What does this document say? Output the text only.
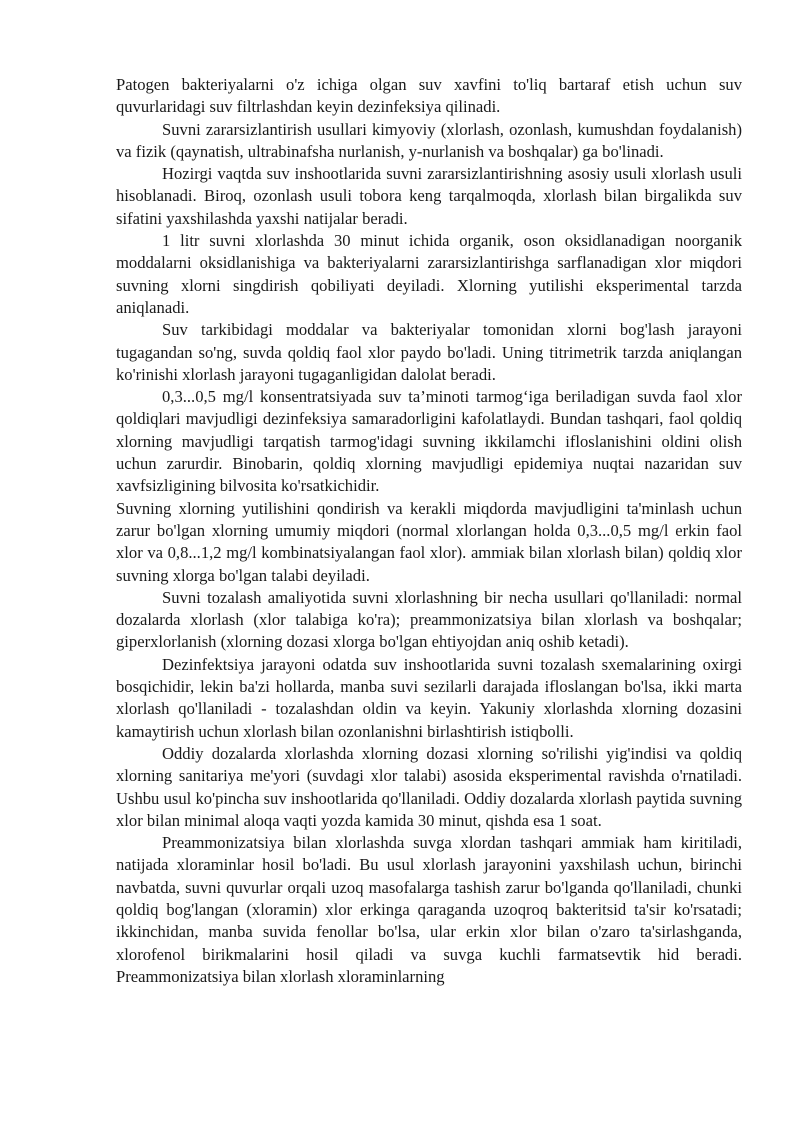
Patogen bakteriyalarni o'z ichiga olgan suv xavfini to'liq bartaraf etish uchun suv quvurlaridagi suv filtrlashdan keyin dezinfeksiya qilinadi.

Suvni zararsizlantirish usullari kimyoviy (xlorlash, ozonlash, kumushdan foydalanish) va fizik (qaynatish, ultrabinafsha nurlanish, y-nurlanish va boshqalar) ga bo'linadi.

Hozirgi vaqtda suv inshootlarida suvni zararsizlantirishning asosiy usuli xlorlash usuli hisoblanadi. Biroq, ozonlash usuli tobora keng tarqalmoqda, xlorlash bilan birgalikda suv sifatini yaxshilashda yaxshi natijalar beradi.

1 litr suvni xlorlashda 30 minut ichida organik, oson oksidlanadigan noorganik moddalarni oksidlanishiga va bakteriyalarni zararsizlantirishga sarflanadigan xlor miqdori suvning xlorni singdirish qobiliyati deyiladi. Xlorning yutilishi eksperimental tarzda aniqlanadi.

Suv tarkibidagi moddalar va bakteriyalar tomonidan xlorni bog'lash jarayoni tugagandan so'ng, suvda qoldiq faol xlor paydo bo'ladi. Uning titrimetrik tarzda aniqlangan ko'rinishi xlorlash jarayoni tugaganligidan dalolat beradi.

0,3...0,5 mg/l konsentratsiyada suv ta’minoti tarmog‘iga beriladigan suvda faol xlor qoldiqlari mavjudligi dezinfeksiya samaradorligini kafolatlaydi. Bundan tashqari, faol qoldiq xlorning mavjudligi tarqatish tarmog'idagi suvning ikkilamchi ifloslanishini oldini olish uchun zarurdir. Binobarin, qoldiq xlorning mavjudligi epidemiya nuqtai nazaridan suv xavfsizligining bilvosita ko'rsatkichidir.

Suvning xlorning yutilishini qondirish va kerakli miqdorda mavjudligini ta'minlash uchun zarur bo'lgan xlorning umumiy miqdori (normal xlorlangan holda 0,3...0,5 mg/l erkin faol xlor va 0,8...1,2 mg/l kombinatsiyalangan faol xlor). ammiak bilan xlorlash bilan) qoldiq xlor suvning xlorga bo'lgan talabi deyiladi.

Suvni tozalash amaliyotida suvni xlorlashning bir necha usullari qo'llaniladi: normal dozalarda xlorlash (xlor talabiga ko'ra); preammonizatsiya bilan xlorlash va boshqalar; giperxlorlanish (xlorning dozasi xlorga bo'lgan ehtiyojdan aniq oshib ketadi).

Dezinfektsiya jarayoni odatda suv inshootlarida suvni tozalash sxemalarining oxirgi bosqichidir, lekin ba'zi hollarda, manba suvi sezilarli darajada ifloslangan bo'lsa, ikki marta xlorlash qo'llaniladi - tozalashdan oldin va keyin. Yakuniy xlorlashda xlorning dozasini kamaytirish uchun xlorlash bilan ozonlanishni birlashtirish istiqbolli.

Oddiy dozalarda xlorlashda xlorning dozasi xlorning so'rilishi yig'indisi va qoldiq xlorning sanitariya me'yori (suvdagi xlor talabi) asosida eksperimental ravishda o'rnatiladi. Ushbu usul ko'pincha suv inshootlarida qo'llaniladi. Oddiy dozalarda xlorlash paytida suvning xlor bilan minimal aloqa vaqti yozda kamida 30 minut, qishda esa 1 soat.

Preammonizatsiya bilan xlorlashda suvga xlordan tashqari ammiak ham kiritiladi, natijada xloraminlar hosil bo'ladi. Bu usul xlorlash jarayonini yaxshilash uchun, birinchi navbatda, suvni quvurlar orqali uzoq masofalarga tashish zarur bo'lganda qo'llaniladi, chunki qoldiq bog'langan (xloramin) xlor erkinga qaraganda uzoqroq bakteritsid ta'sir ko'rsatadi; ikkinchidan, manba suvida fenollar bo'lsa, ular erkin xlor bilan o'zaro ta'sirlashganda, xlorofenol birikmalarini hosil qiladi va suvga kuchli farmatsevtik hid beradi. Preammonizatsiya bilan xlorlash xloraminlarning
